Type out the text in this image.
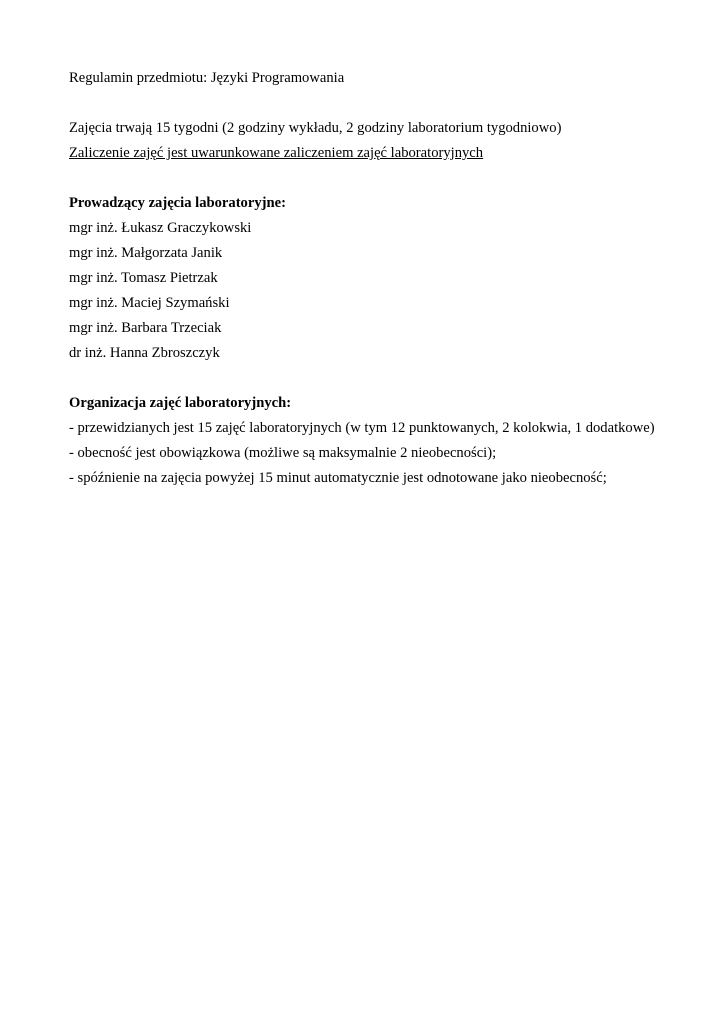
Regulamin przedmiotu: Języki Programowania
Zajęcia trwają 15 tygodni (2 godziny wykładu, 2 godziny laboratorium tygodniowo)
Zaliczenie zajęć jest uwarunkowane zaliczeniem zajęć laboratoryjnych
Prowadzący zajęcia laboratoryjne:
mgr inż. Łukasz Graczykowski
mgr inż. Małgorzata Janik
mgr inż. Tomasz Pietrzak
mgr inż. Maciej Szymański
mgr inż. Barbara Trzeciak
dr inż. Hanna Zbroszczyk
Organizacja zajęć laboratoryjnych:
- przewidzianych jest 15 zajęć laboratoryjnych (w tym 12 punktowanych, 2 kolokwia, 1 dodatkowe)
- obecność jest obowiązkowa (możliwe są maksymalnie 2 nieobecności);
- spóźnienie na zajęcia powyżej 15 minut automatycznie jest odnotowane jako nieobecność;
